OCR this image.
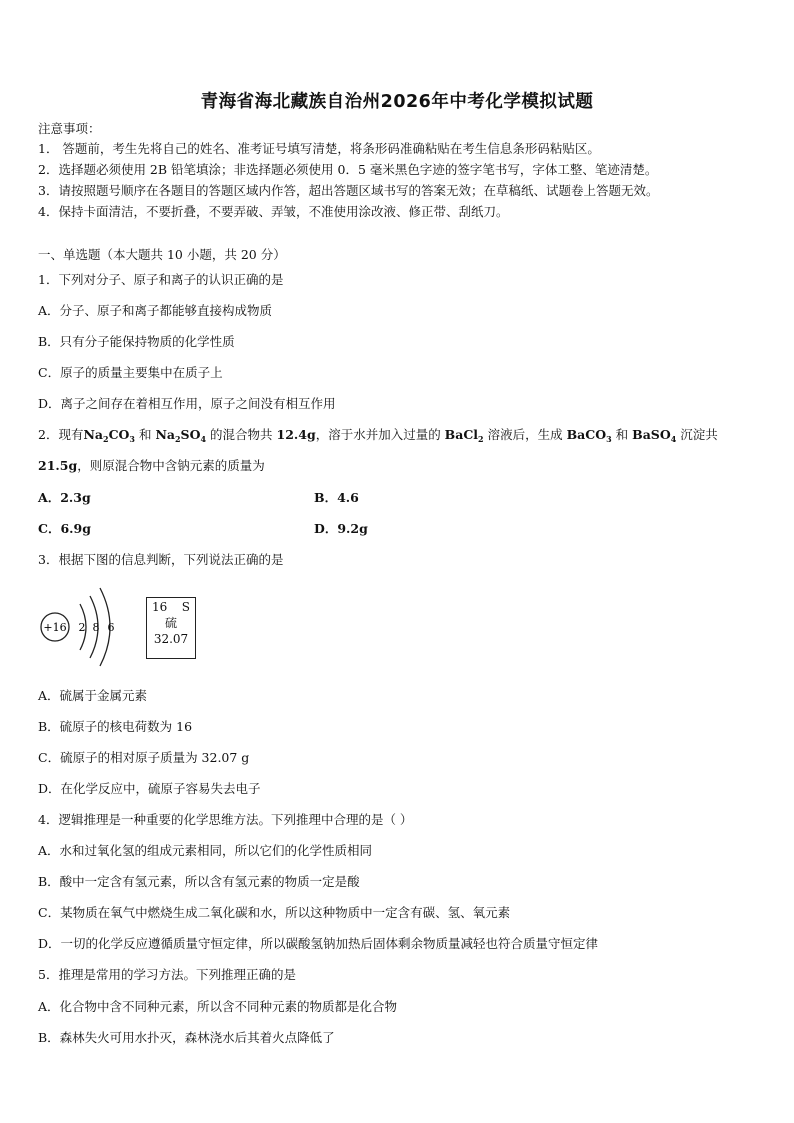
青海省海北藏族自治州2026年中考化学模拟试题
注意事项：
1． 答题前，考生先将自己的姓名、准考证号填写清楚，将条形码准确粘贴在考生信息条形码粘贴区。
2．选择题必须使用 2B 铅笔填涂；非选择题必须使用 0．5 毫米黑色字迹的签字笔书写，字体工整、笔迹清楚。
3．请按照题号顺序在各题目的答题区域内作答，超出答题区域书写的答案无效；在草稿纸、试题卷上答题无效。
4．保持卡面清洁，不要折叠，不要弄破、弄皱，不准使用涂改液、修正带、刮纸刀。
一、单选题（本大题共 10 小题，共 20 分）
1．下列对分子、原子和离子的认识正确的是
A．分子、原子和离子都能够直接构成物质
B．只有分子能保持物质的化学性质
C．原子的质量主要集中在质子上
D．离子之间存在着相互作用，原子之间没有相互作用
2．现有$Na_2CO_3$ 和 $Na_2SO_4$ 的混合物共 12.4g，溶于水并加入过量的 BaCl$_2$ 溶液后，生成 BaCO$_3$ 和 BaSO$_4$ 沉淀共
21.5g，则原混合物中含钠元素的质量为
A．2.3g	B．4.6
C．6.9g	D．9.2g
3．根据下图的信息判断，下列说法正确的是
+16 2 8 6
16 S
硫
32.07
A．硫属于金属元素
B．硫原子的核电荷数为 16
C．硫原子的相对原子质量为 32.07 g
D．在化学反应中，硫原子容易失去电子
4．逻辑推理是一种重要的化学思维方法。下列推理中合理的是（ ）
A．水和过氧化氢的组成元素相同，所以它们的化学性质相同
B．酸中一定含有氢元素，所以含有氢元素的物质一定是酸
C．某物质在氧气中燃烧生成二氧化碳和水，所以这种物质中一定含有碳、氢、氧元素
D．一切的化学反应遵循质量守恒定律，所以碳酸氢钠加热后固体剩余物质量减轻也符合质量守恒定律
5．推理是常用的学习方法。下列推理正确的是
A．化合物中含不同种元素，所以含不同种元素的物质都是化合物
B．森林失火可用水扑灭，森林浇水后其着火点降低了
